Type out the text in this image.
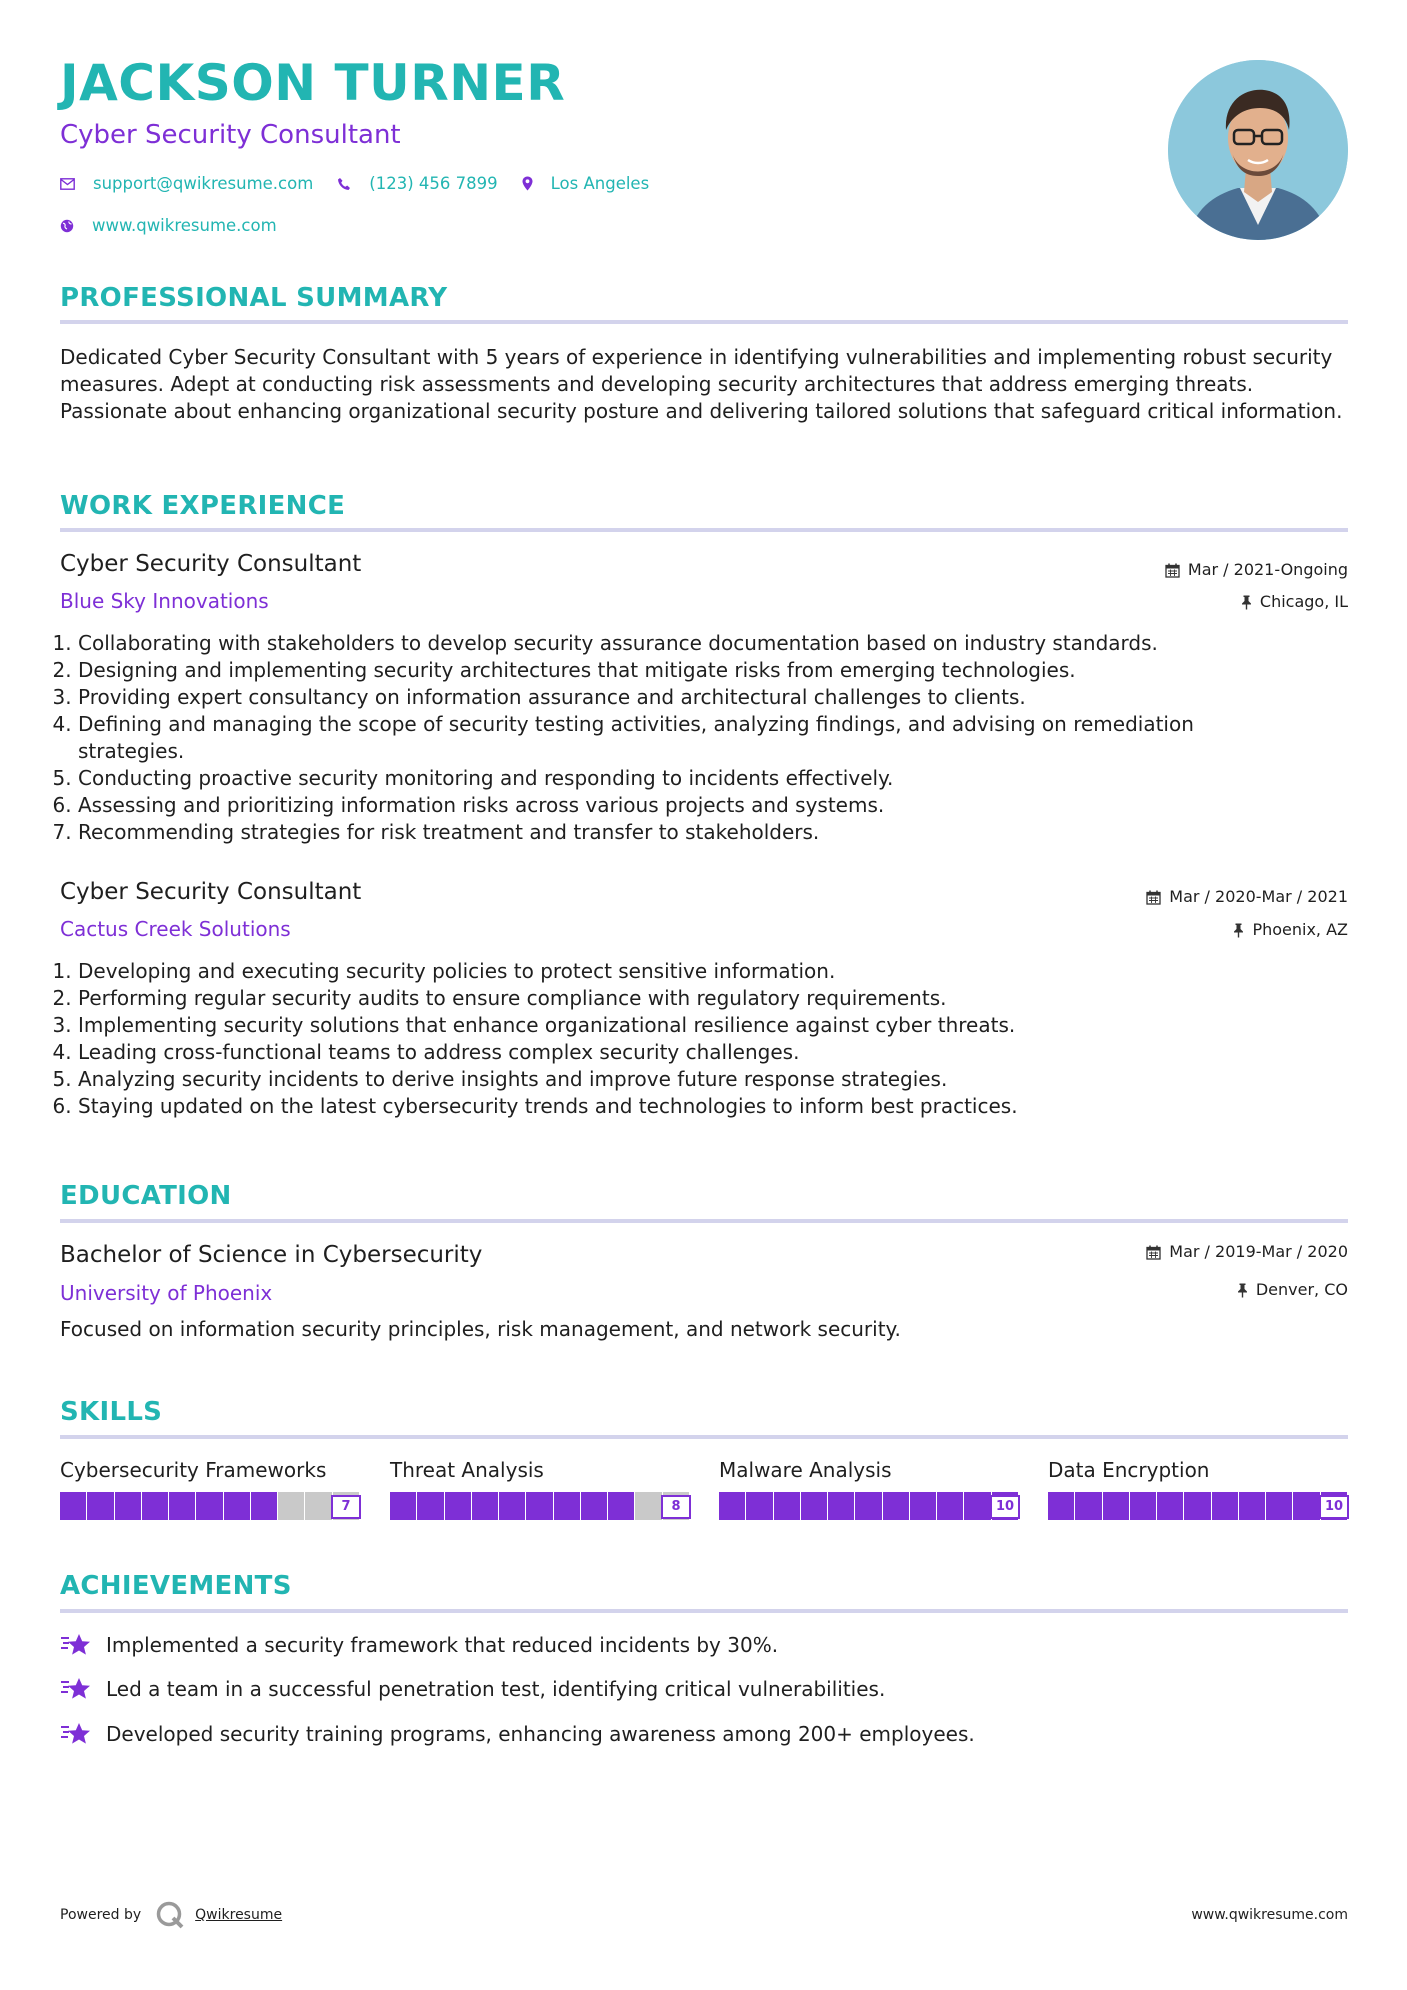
JACKSON TURNER
Cyber Security Consultant
support@qwikresume.com	(123) 456 7899	Los Angeles
www.qwikresume.com
PROFESSIONAL SUMMARY
Dedicated Cyber Security Consultant with 5 years of experience in identifying vulnerabilities and implementing robust security measures. Adept at conducting risk assessments and developing security architectures that address emerging threats. Passionate about enhancing organizational security posture and delivering tailored solutions that safeguard critical information.
WORK EXPERIENCE
Cyber Security Consultant	Mar / 2021-Ongoing
Blue Sky Innovations	Chicago, IL
1. Collaborating with stakeholders to develop security assurance documentation based on industry standards.
2. Designing and implementing security architectures that mitigate risks from emerging technologies.
3. Providing expert consultancy on information assurance and architectural challenges to clients.
4. Defining and managing the scope of security testing activities, analyzing findings, and advising on remediation strategies.
5. Conducting proactive security monitoring and responding to incidents effectively.
6. Assessing and prioritizing information risks across various projects and systems.
7. Recommending strategies for risk treatment and transfer to stakeholders.
Cyber Security Consultant	Mar / 2020-Mar / 2021
Cactus Creek Solutions	Phoenix, AZ
1. Developing and executing security policies to protect sensitive information.
2. Performing regular security audits to ensure compliance with regulatory requirements.
3. Implementing security solutions that enhance organizational resilience against cyber threats.
4. Leading cross-functional teams to address complex security challenges.
5. Analyzing security incidents to derive insights and improve future response strategies.
6. Staying updated on the latest cybersecurity trends and technologies to inform best practices.
EDUCATION
Bachelor of Science in Cybersecurity	Mar / 2019-Mar / 2020
University of Phoenix	Denver, CO
Focused on information security principles, risk management, and network security.
SKILLS
Cybersecurity Frameworks
7
Threat Analysis
8
Malware Analysis
10
Data Encryption
10
ACHIEVEMENTS
Implemented a security framework that reduced incidents by 30%.
Led a team in a successful penetration test, identifying critical vulnerabilities.
Developed security training programs, enhancing awareness among 200+ employees.
Powered by	Qwikresume	www.qwikresume.com
